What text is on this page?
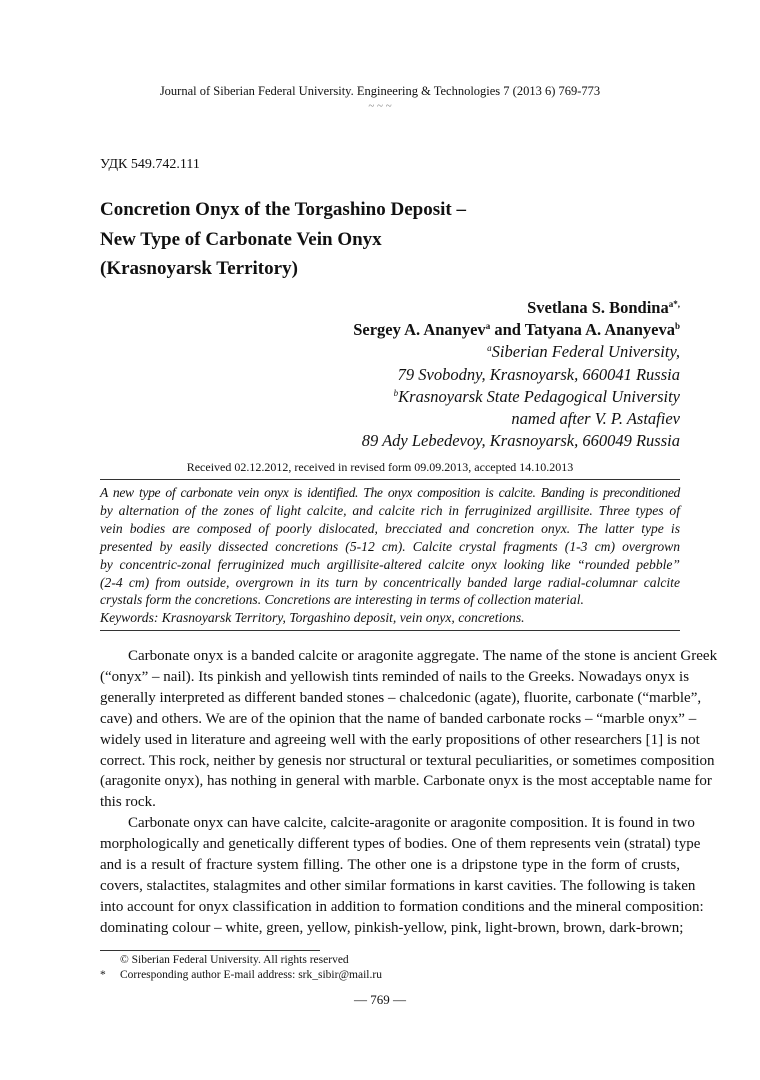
Journal of Siberian Federal University. Engineering & Technologies 7 (2013 6) 769-773
~ ~ ~
УДК 549.742.111
Concretion Onyx of the Torgashino Deposit –
New Type of Carbonate Vein Onyx
(Krasnoyarsk Territory)
Svetlana S. Bondina$^{a*,}$
Sergey A. Ananyev$^a$ and Tatyana A. Ananyeva$^b$
$^a$Siberian Federal University,
79 Svobodny, Krasnoyarsk, 660041 Russia
$^b$Krasnoyarsk State Pedagogical University
named after V. P. Astafiev
89 Ady Lebedevoy, Krasnoyarsk, 660049 Russia
Received 02.12.2012, received in revised form 09.09.2013, accepted 14.10.2013
A new type of carbonate vein onyx is identified. The onyx composition is calcite. Banding is preconditioned
by alternation of the zones of light calcite, and calcite rich in ferruginized argillisite. Three types of
vein bodies are composed of poorly dislocated, brecciated and concretion onyx. The latter type is
presented by easily dissected concretions (5-12 cm). Calcite crystal fragments (1-3 cm) overgrown
by concentric-zonal ferruginized much argillisite-altered calcite onyx looking like “rounded pebble”
(2-4 cm) from outside, overgrown in its turn by concentrically banded large radial-columnar calcite
crystals form the concretions. Concretions are interesting in terms of collection material.
Keywords: Krasnoyarsk Territory, Torgashino deposit, vein onyx, concretions.
Carbonate onyx is a banded calcite or aragonite aggregate. The name of the stone is ancient Greek
(“onyx” – nail). Its pinkish and yellowish tints reminded of nails to the Greeks. Nowadays onyx is
generally interpreted as different banded stones – chalcedonic (agate), fluorite, carbonate (“marble”,
cave) and others. We are of the opinion that the name of banded carbonate rocks – “marble onyx” –
widely used in literature and agreeing well with the early propositions of other researchers [1] is not
correct. This rock, neither by genesis nor structural or textural peculiarities, or sometimes composition
(aragonite onyx), has nothing in general with marble. Carbonate onyx is the most acceptable name for
this rock.
Carbonate onyx can have calcite, calcite-aragonite or aragonite composition. It is found in two
morphologically and genetically different types of bodies. One of them represents vein (stratal) type
and is a result of fracture system filling. The other one is a dripstone type in the form of crusts,
covers, stalactites, stalagmites and other similar formations in karst cavities. The following is taken
into account for onyx classification in addition to formation conditions and the mineral composition:
dominating colour – white, green, yellow, pinkish-yellow, pink, light-brown, brown, dark-brown;
© Siberian Federal University. All rights reserved
* Corresponding author E-mail address: srk_sibir@mail.ru
— 769 —
